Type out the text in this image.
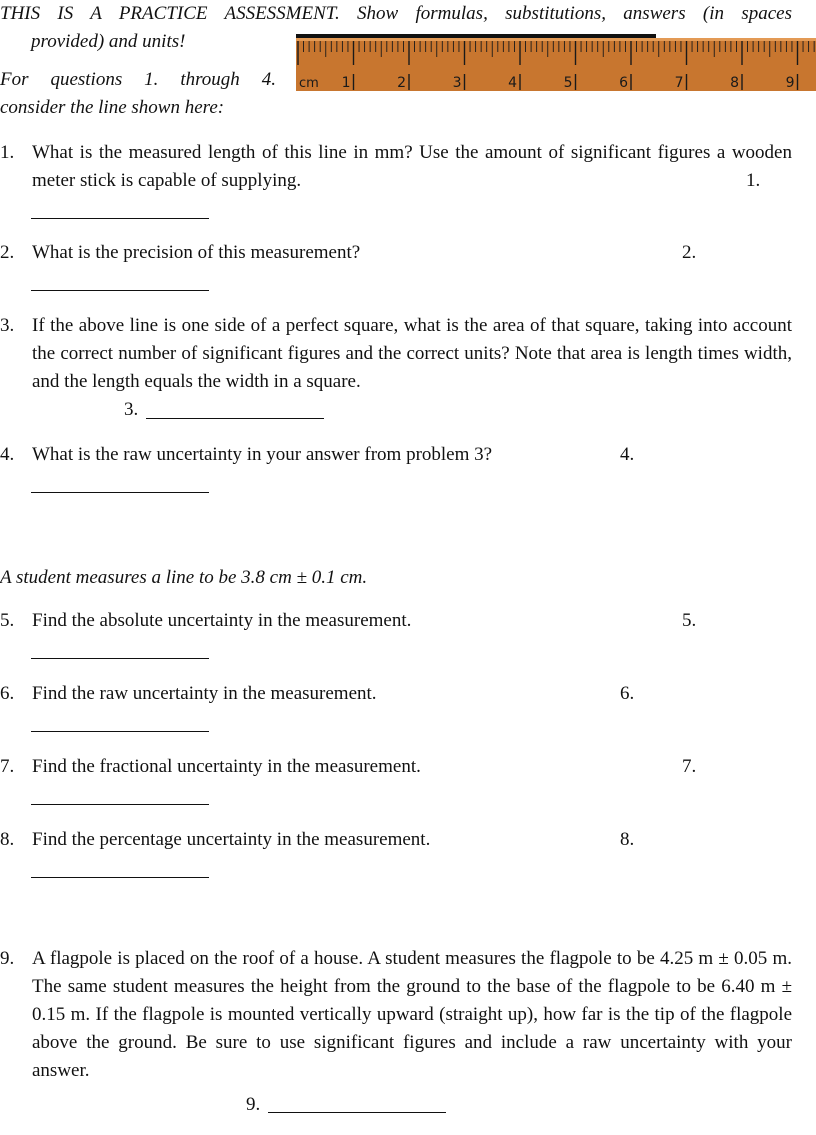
THIS IS A PRACTICE ASSESSMENT. Show formulas, substitutions, answers (in spaces
provided) and units!
For questions 1. through 4.
consider the line shown here:
cm 1	2	3	4	5	6	7	8	9
1. What is the measured length of this line in mm? Use the amount of significant figures a wooden meter stick is capable of supplying.	1.
2. What is the precision of this measurement?	2.
3. If the above line is one side of a perfect square, what is the area of that square, taking into account the correct number of significant figures and the correct units? Note that area is length times width, and the length equals the width in a square.
3.
4. What is the raw uncertainty in your answer from problem 3?	4.
A student measures a line to be 3.8 cm ± 0.1 cm.
5. Find the absolute uncertainty in the measurement.	5.
6. Find the raw uncertainty in the measurement.	6.
7. Find the fractional uncertainty in the measurement.	7.
8. Find the percentage uncertainty in the measurement.	8.
9. A flagpole is placed on the roof of a house. A student measures the flagpole to be 4.25 m ± 0.05 m. The same student measures the height from the ground to the base of the flagpole to be 6.40 m ± 0.15 m. If the flagpole is mounted vertically upward (straight up), how far is the tip of the flagpole above the ground. Be sure to use significant figures and include a raw uncertainty with your answer.
9.
